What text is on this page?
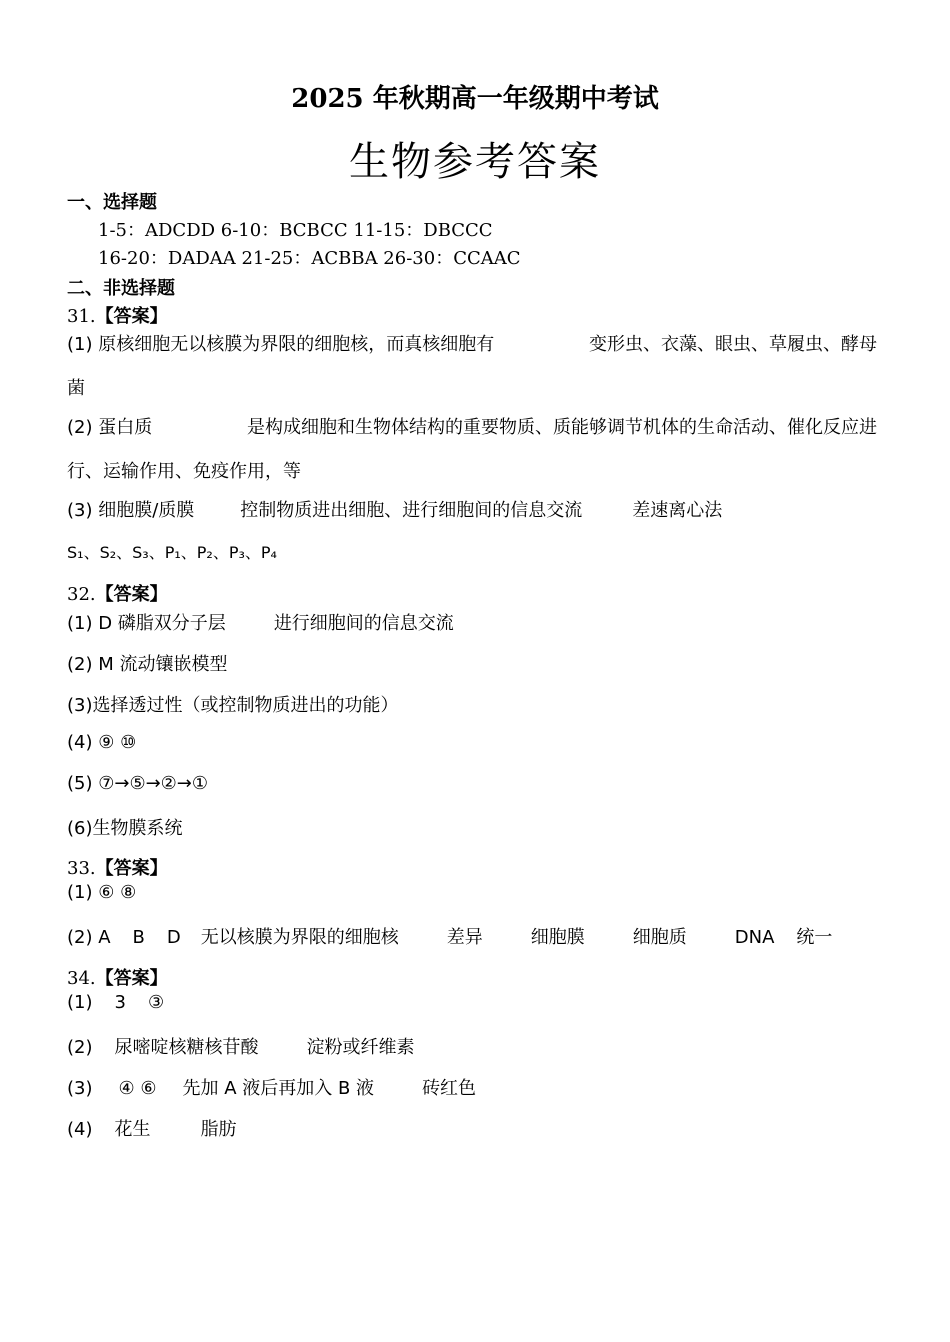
2025 年秋期高一年级期中考试
生物参考答案
一、选择题
1-5：ADCDD 6-10：BCBCC 11-15：DBCCC
16-20：DADAA 21-25：ACBBA 26-30：CCAAC
二、非选择题
31.【答案】
(1) 原核细胞无以核膜为界限的细胞核，而真核细胞有	变形虫、衣藻、眼虫、草履虫、酵母
菌
(2) 蛋白质	是构成细胞和生物体结构的重要物质、质能够调节机体的生命活动、催化反应进
行、运输作用、免疫作用，等
(3) 细胞膜/质膜	控制物质进出细胞、进行细胞间的信息交流	差速离心法
S₁、S₂、S₃、P₁、P₂、P₃、P₄
32.【答案】
(1) D 磷脂双分子层	进行细胞间的信息交流
(2) M 流动镶嵌模型
(3)选择透过性（或控制物质进出的功能）
(4) ⑨ ⑩
(5) ⑦→⑤→②→①
(6)生物膜系统
33.【答案】
(1) ⑥ ⑧
(2) A B D 无以核膜为界限的细胞核	差异	细胞膜	细胞质	DNA 统一
34.【答案】
(1) 3 ③
(2) 尿嘧啶核糖核苷酸	淀粉或纤维素
(3) ④ ⑥ 先加 A 液后再加入 B 液	砖红色
(4) 花生	脂肪
